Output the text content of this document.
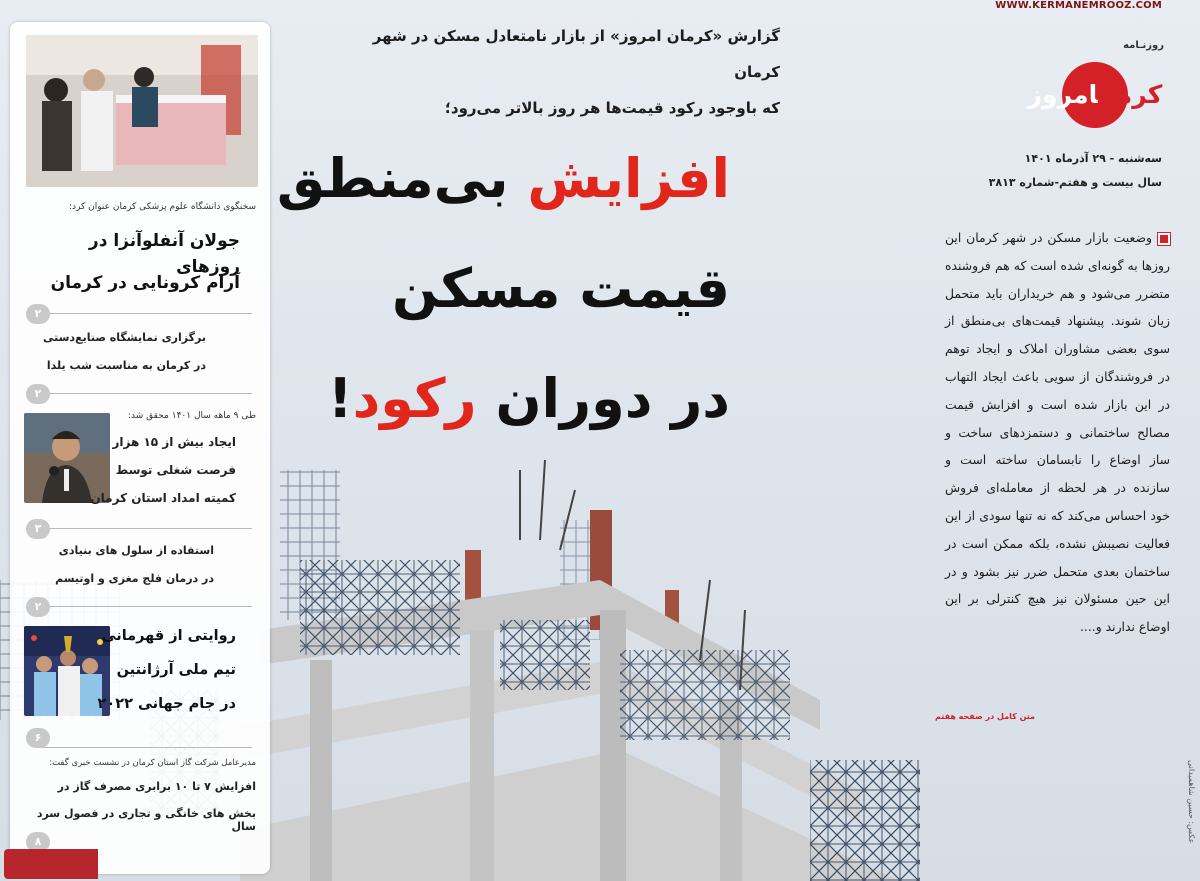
WWW.KERMANEMROOZ.COM
روزنـامه
کرمانامروز
سه‌شنبه - ۲۹ آذرماه ۱۴۰۱
سال بیست و هفتم-شماره ۳۸۱۳

گزارش «کرمان امروز» از بازار نامتعادل مسکن در شهر کرمان

که باوجود رکود قیمت‌ها هر روز بالاتر می‌رود؛

افزایش بی‌منطق
قیمت مسکن
در دوران رکود!

وضعیت بازار مسکن در شهر کرمان این روزها به گونه‌ای شده است که هم فروشنده متضرر می‌شود و هم خریداران باید متحمل زیان شوند. پیشنهاد قیمت‌های بی‌منطق از سوی بعضی مشاوران املاک و ایجاد توهم در فروشندگان از سویی باعث ایجاد التهاب در این بازار شده است و افزایش قیمت مصالح ساختمانی و دستمزدهای ساخت و ساز اوضاع را نابسامان ساخته است و سازنده در هر لحظه از معامله‌ای فروش خود احساس می‌کند که نه تنها سودی از این فعالیت نصیبش نشده، بلکه ممکن است در ساختمان بعدی متحمل ضرر نیز بشود و در این حین مسئولان نیز هیچ کنترلی بر این اوضاع ندارند و....

متن کامل در صفحه هفتم
عکس: حسین شاهمیدانی
سخنگوی دانشگاه علوم پزشکی کرمان عنوان کرد:
جولان آنفلوآنزا در روزهای
آرام کرونایی در کرمان
۲
برگزاری نمایشگاه صنایع‌دستی
در کرمان به مناسبت شب یلدا
۲
طی ۹ ماهه سال ۱۴۰۱ محقق شد:
ایجاد بیش از ۱۵ هزار
فرصت شغلی توسط
کمیته امداد استان کرمان
۳
استفاده از سلول های بنیادی
در درمان فلج مغزی و اوتیسم
۲
روایتی از قهرمانی
تیم ملی آرژانتین
در جام جهانی ۲۰۲۲
۶
مدیرعامل شرکت گاز استان کرمان در نشست خبری گفت:
افزایش ۷ تا ۱۰ برابری مصرف گاز در
بخش های خانگی و تجاری در فصول سرد سال
۸
